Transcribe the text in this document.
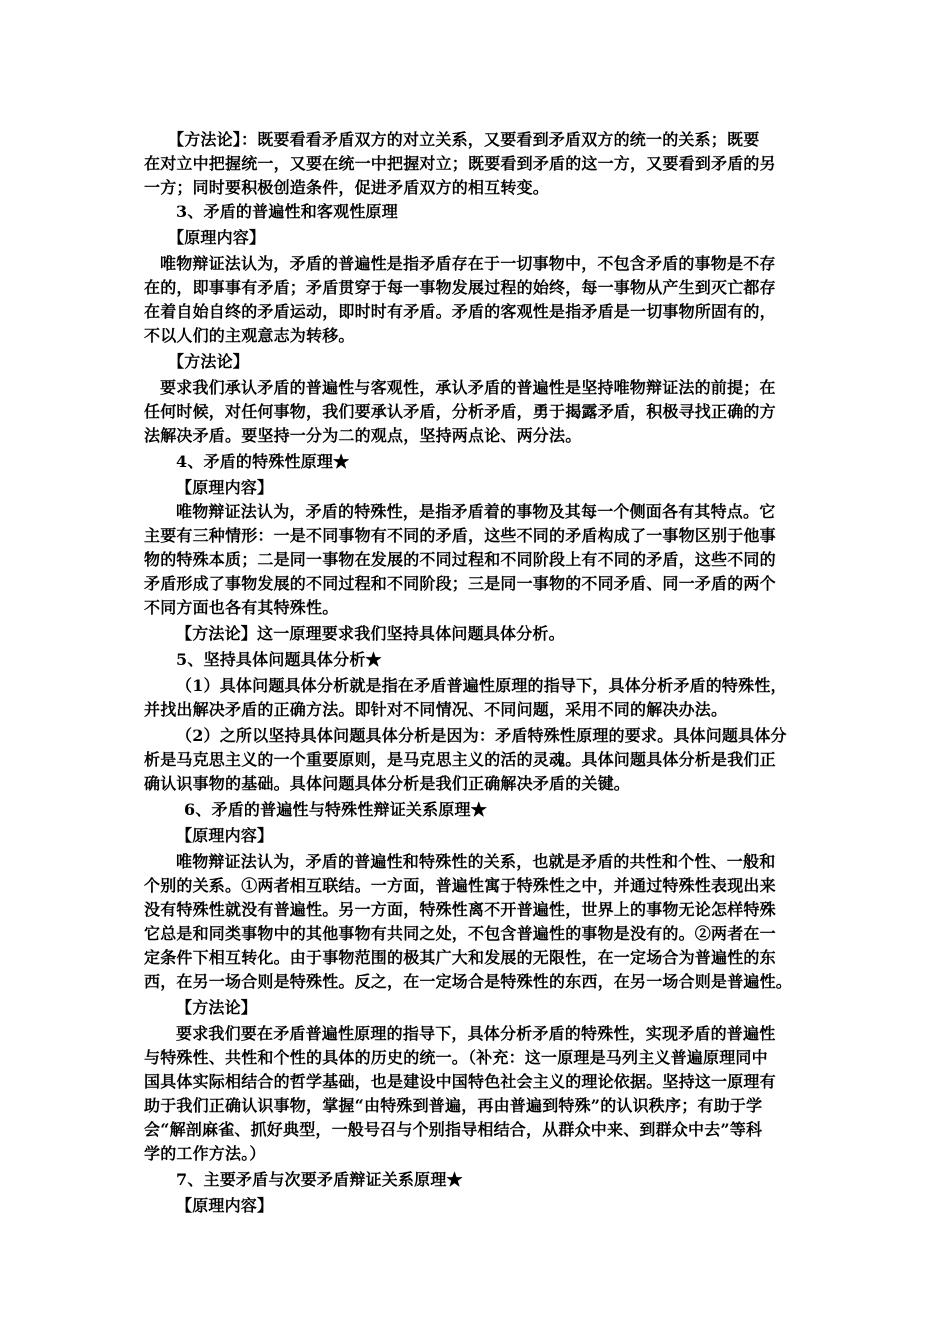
【方法论】：既要看看矛盾双方的对立关系，又要看到矛盾双方的统一的关系；既要
在对立中把握统一，又要在统一中把握对立；既要看到矛盾的这一方，又要看到矛盾的另
一方；同时要积极创造条件，促进矛盾双方的相互转变。
3、矛盾的普遍性和客观性原理
【原理内容】
唯物辩证法认为，矛盾的普遍性是指矛盾存在于一切事物中，不包含矛盾的事物是不存
在的，即事事有矛盾；矛盾贯穿于每一事物发展过程的始终，每一事物从产生到灭亡都存
在着自始自终的矛盾运动，即时时有矛盾。矛盾的客观性是指矛盾是一切事物所固有的，
不以人们的主观意志为转移。
【方法论】
要求我们承认矛盾的普遍性与客观性，承认矛盾的普遍性是坚持唯物辩证法的前提；在
任何时候，对任何事物，我们要承认矛盾，分析矛盾，勇于揭露矛盾，积极寻找正确的方
法解决矛盾。要坚持一分为二的观点，坚持两点论、两分法。
4、矛盾的特殊性原理★
【原理内容】
唯物辩证法认为，矛盾的特殊性，是指矛盾着的事物及其每一个侧面各有其特点。它
主要有三种情形：一是不同事物有不同的矛盾，这些不同的矛盾构成了一事物区别于他事
物的特殊本质；二是同一事物在发展的不同过程和不同阶段上有不同的矛盾，这些不同的
矛盾形成了事物发展的不同过程和不同阶段；三是同一事物的不同矛盾、同一矛盾的两个
不同方面也各有其特殊性。
【方法论】这一原理要求我们坚持具体问题具体分析。
5、坚持具体问题具体分析★
（1）具体问题具体分析就是指在矛盾普遍性原理的指导下，具体分析矛盾的特殊性，
并找出解决矛盾的正确方法。即针对不同情况、不同问题，采用不同的解决办法。
（2）之所以坚持具体问题具体分析是因为：矛盾特殊性原理的要求。具体问题具体分
析是马克思主义的一个重要原则，是马克思主义的活的灵魂。具体问题具体分析是我们正
确认识事物的基础。具体问题具体分析是我们正确解决矛盾的关键。
6、矛盾的普遍性与特殊性辩证关系原理★
【原理内容】
唯物辩证法认为，矛盾的普遍性和特殊性的关系，也就是矛盾的共性和个性、一般和
个别的关系。①两者相互联结。一方面，普遍性寓于特殊性之中，并通过特殊性表现出来
没有特殊性就没有普遍性。另一方面，特殊性离不开普遍性，世界上的事物无论怎样特殊
它总是和同类事物中的其他事物有共同之处，不包含普遍性的事物是没有的。②两者在一
定条件下相互转化。由于事物范围的极其广大和发展的无限性，在一定场合为普遍性的东
西，在另一场合则是特殊性。反之，在一定场合是特殊性的东西，在另一场合则是普遍性。
【方法论】
要求我们要在矛盾普遍性原理的指导下，具体分析矛盾的特殊性，实现矛盾的普遍性
与特殊性、共性和个性的具体的历史的统一。（补充：这一原理是马列主义普遍原理同中
国具体实际相结合的哲学基础，也是建设中国特色社会主义的理论依据。坚持这一原理有
助于我们正确认识事物，掌握“由特殊到普遍，再由普遍到特殊”的认识秩序；有助于学
会“解剖麻雀、抓好典型，一般号召与个别指导相结合，从群众中来、到群众中去”等科
学的工作方法。）
7、主要矛盾与次要矛盾辩证关系原理★
【原理内容】
